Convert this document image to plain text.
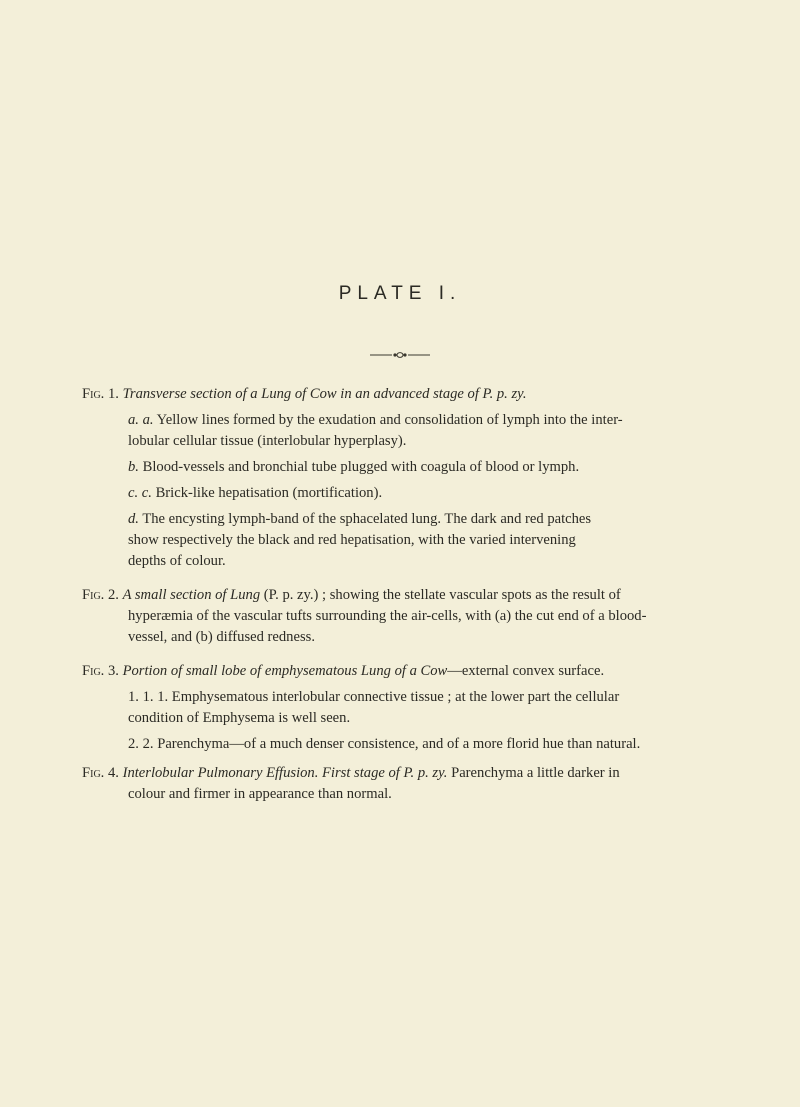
PLATE I.
Fig. 1. Transverse section of a Lung of Cow in an advanced stage of P. p. zy.
a. a. Yellow lines formed by the exudation and consolidation of lymph into the inter-
lobular cellular tissue (interlobular hyperplasy).
b. Blood-vessels and bronchial tube plugged with coagula of blood or lymph.
c. c. Brick-like hepatisation (mortification).
d. The encysting lymph-band of the sphacelated lung. The dark and red patches
show respectively the black and red hepatisation, with the varied intervening
depths of colour.
Fig. 2. A small section of Lung (P. p. zy.) ; showing the stellate vascular spots as the result of
hyperæmia of the vascular tufts surrounding the air-cells, with (a) the cut end of a blood-
vessel, and (b) diffused redness.
Fig. 3. Portion of small lobe of emphysematous Lung of a Cow—external convex surface.
1. 1. 1. Emphysematous interlobular connective tissue ; at the lower part the cellular
condition of Emphysema is well seen.
2. 2. Parenchyma—of a much denser consistence, and of a more florid hue than natural.
Fig. 4. Interlobular Pulmonary Effusion. First stage of P. p. zy. Parenchyma a little darker in
colour and firmer in appearance than normal.
